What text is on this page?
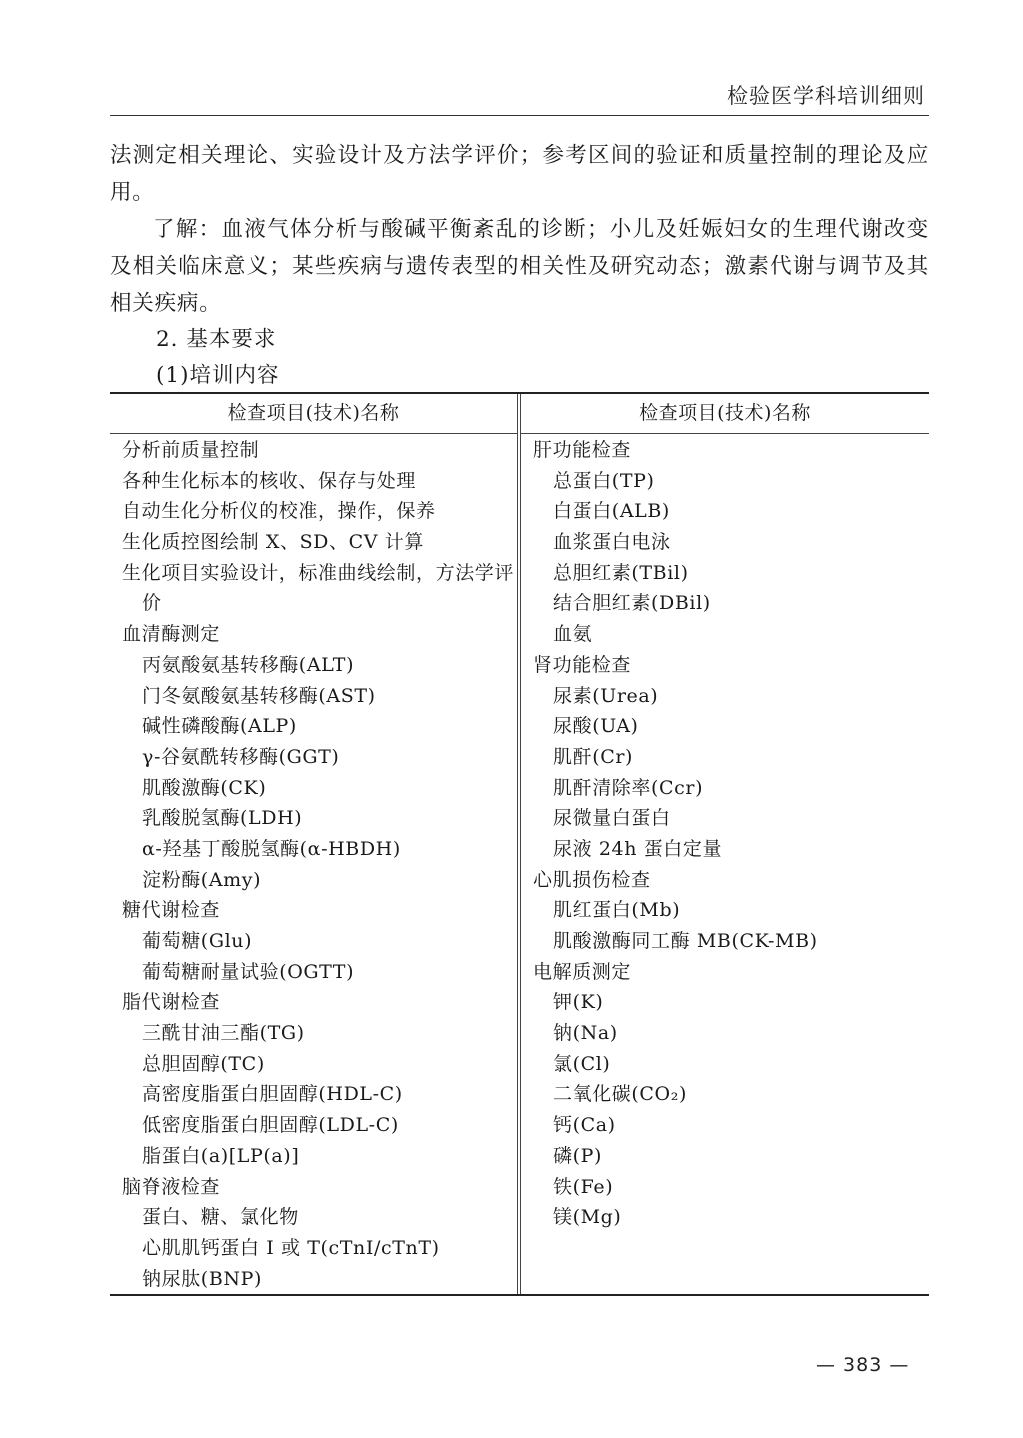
检验医学科培训细则

法测定相关理论、实验设计及方法学评价；参考区间的验证和质量控制的理论及应用。

了解：血液气体分析与酸碱平衡紊乱的诊断；小儿及妊娠妇女的生理代谢改变及相关临床意义；某些疾病与遗传表型的相关性及研究动态；激素代谢与调节及其相关疾病。

2. 基本要求

(1)培训内容

检查项目(技术)名称
分析前质量控制
各种生化标本的核收、保存与处理
自动生化分析仪的校准，操作，保养
生化质控图绘制 X、SD、CV 计算
生化项目实验设计，标准曲线绘制，方法学评
价
血清酶测定
丙氨酸氨基转移酶(ALT)
门冬氨酸氨基转移酶(AST)
碱性磷酸酶(ALP)
γ-谷氨酰转移酶(GGT)
肌酸激酶(CK)
乳酸脱氢酶(LDH)
α-羟基丁酸脱氢酶(α-HBDH)
淀粉酶(Amy)
糖代谢检查
葡萄糖(Glu)
葡萄糖耐量试验(OGTT)
脂代谢检查
三酰甘油三酯(TG)
总胆固醇(TC)
高密度脂蛋白胆固醇(HDL-C)
低密度脂蛋白胆固醇(LDL-C)
脂蛋白(a)[LP(a)]
脑脊液检查
蛋白、糖、氯化物
心肌肌钙蛋白 I 或 T(cTnI/cTnT)
钠尿肽(BNP)
检查项目(技术)名称
肝功能检查
总蛋白(TP)
白蛋白(ALB)
血浆蛋白电泳
总胆红素(TBil)
结合胆红素(DBil)
血氨
肾功能检查
尿素(Urea)
尿酸(UA)
肌酐(Cr)
肌酐清除率(Ccr)
尿微量白蛋白
尿液 24h 蛋白定量
心肌损伤检查
肌红蛋白(Mb)
肌酸激酶同工酶 MB(CK-MB)
电解质测定
钾(K)
钠(Na)
氯(Cl)
二氧化碳(CO₂)
钙(Ca)
磷(P)
铁(Fe)
镁(Mg)
— 383 —
